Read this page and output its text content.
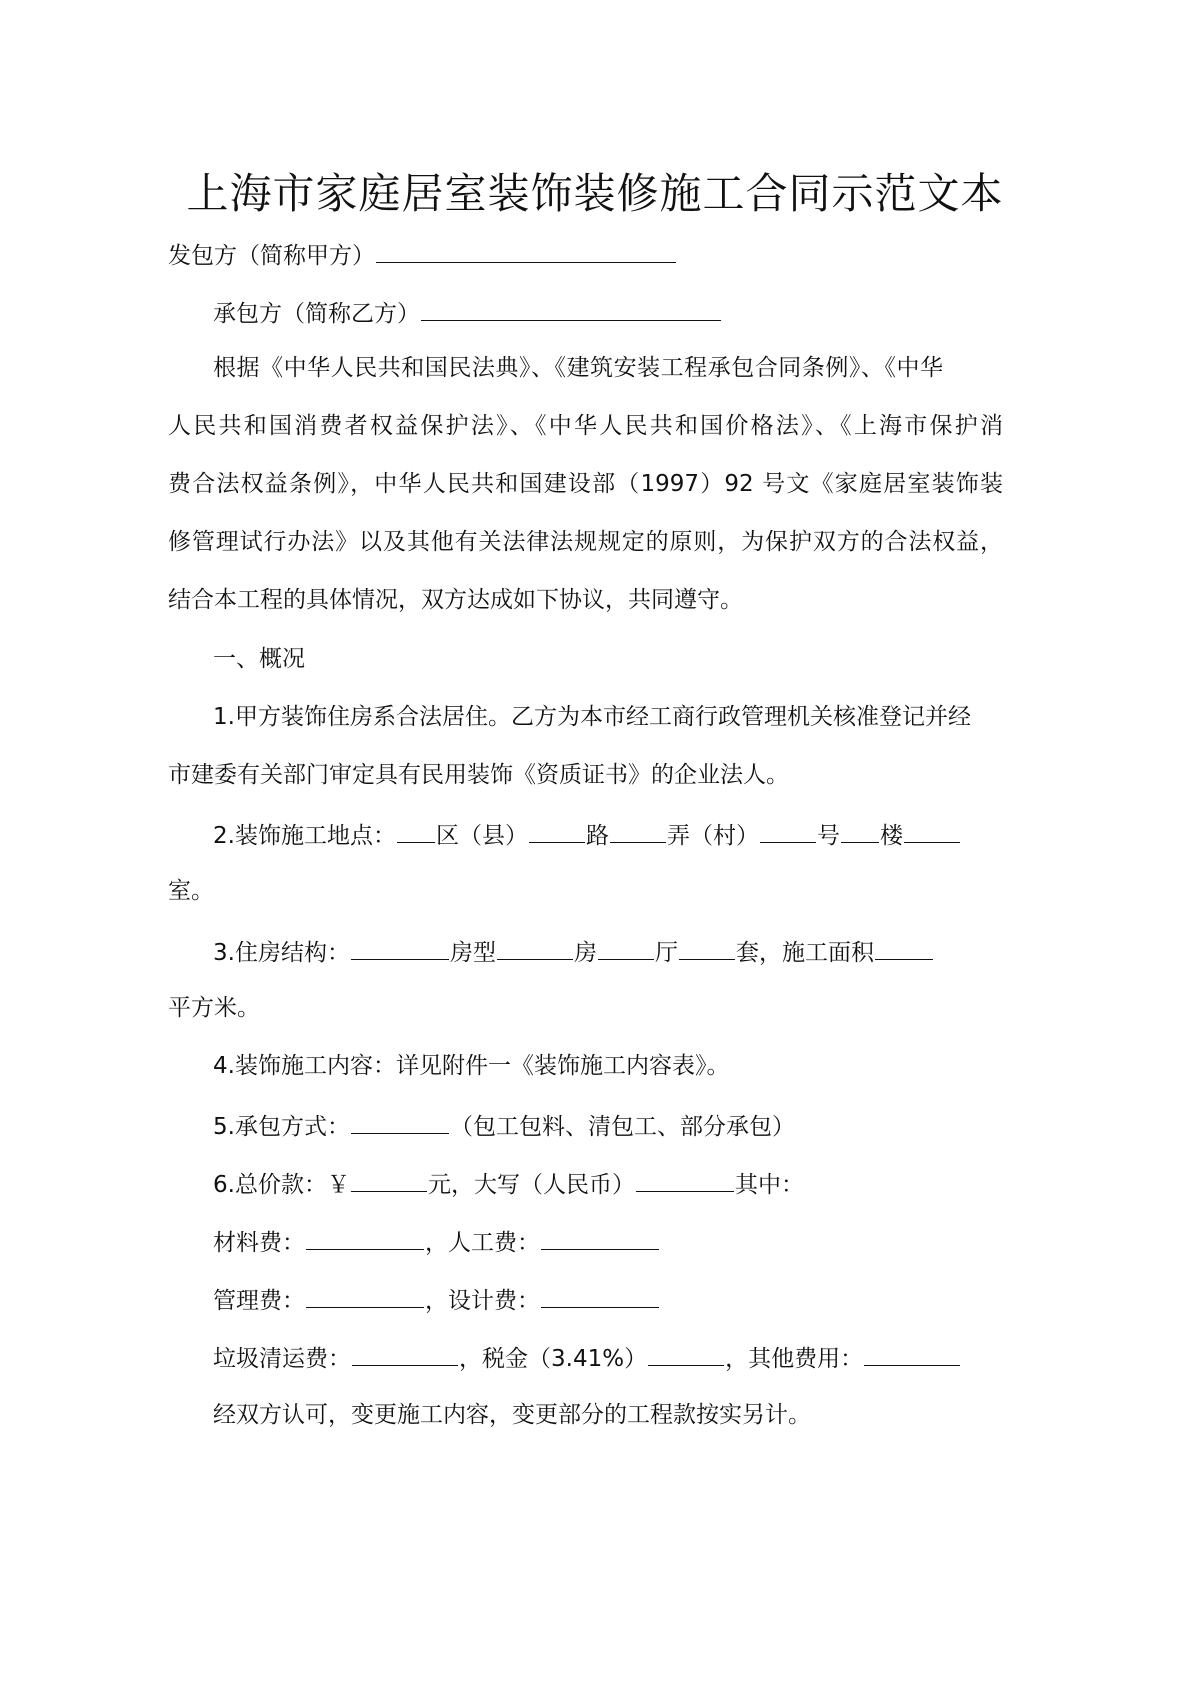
上海市家庭居室装饰装修施工合同示范文本
发包方（简称甲方）
承包方（简称乙方）
根据《中华人民共和国民法典》、《建筑安装工程承包合同条例》、《中华
人民共和国消费者权益保护法》、《中华人民共和国价格法》、《上海市保护消
费合法权益条例》，中华人民共和国建设部（1997）92 号文《家庭居室装饰装
修管理试行办法》以及其他有关法律法规规定的原则，为保护双方的合法权益，
结合本工程的具体情况，双方达成如下协议，共同遵守。
一、概况
1.甲方装饰住房系合法居住。乙方为本市经工商行政管理机关核准登记并经
市建委有关部门审定具有民用装饰《资质证书》的企业法人。
2.装饰施工地点： 区（县）	路	弄（村）	号 楼
室。
3.住房结构：	房型	房	厅	套，施工面积
平方米。
4.装饰施工内容：详见附件一《装饰施工内容表》。
5.承包方式：	（包工包料、清包工、部分承包）
6.总价款：￥	元，大写（人民币）	其中：
材料费：	，人工费：
管理费：	，设计费：
垃圾清运费：	，税金（3.41%）	，其他费用：
经双方认可，变更施工内容，变更部分的工程款按实另计。
